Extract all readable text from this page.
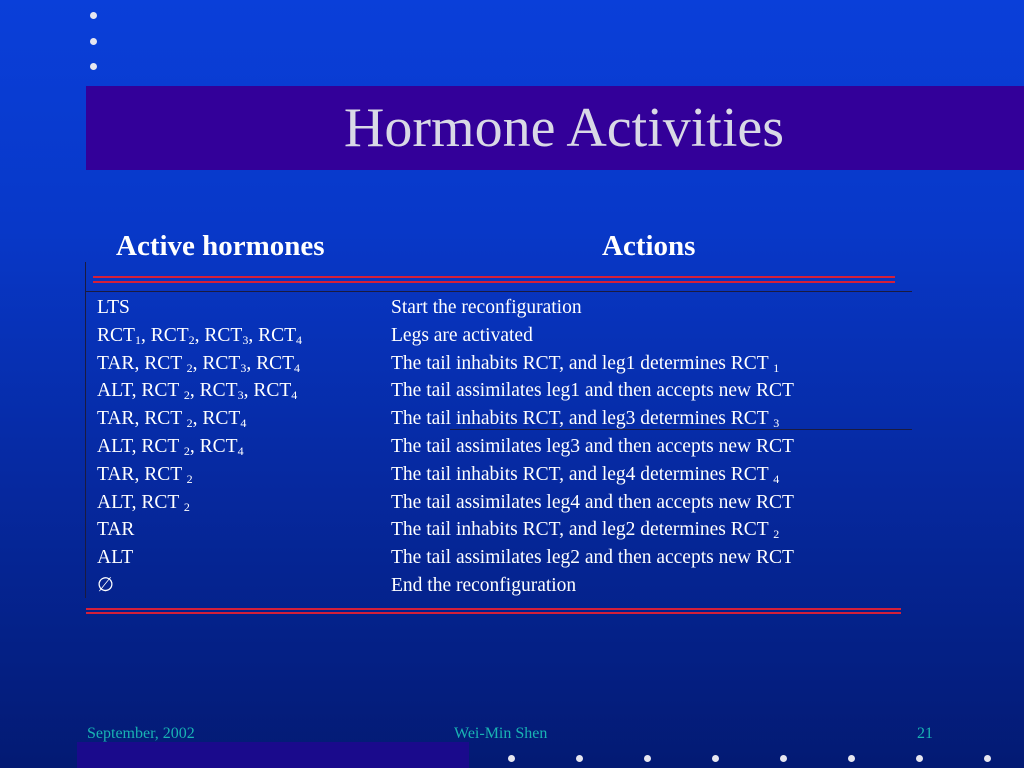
Hormone Activities
Active hormones	Actions
LTS	Start the reconfiguration
$RCT_1$, $RCT_2$, $RCT_3$, $RCT_4$	Legs are activated
TAR, RCT $_2$, $RCT_3$, $RCT_4$	The tail inhabits RCT, and leg1 determines RCT $_1$
ALT, RCT $_2$, $RCT_3$, $RCT_4$	The tail assimilates leg1 and then accepts new RCT
TAR, RCT $_2$, $RCT_4$	The tail inhabits RCT, and leg3 determines RCT $_3$
ALT, RCT $_2$, $RCT_4$	The tail assimilates leg3 and then accepts new RCT
TAR, RCT $_2$	The tail inhabits RCT, and leg4 determines RCT $_4$
ALT, RCT $_2$	The tail assimilates leg4 and then accepts new RCT
TAR	The tail inhabits RCT, and leg2 determines RCT $_2$
ALT	The tail assimilates leg2 and then accepts new RCT
∅	End the reconfiguration
September, 2002	Wei-Min Shen	21
